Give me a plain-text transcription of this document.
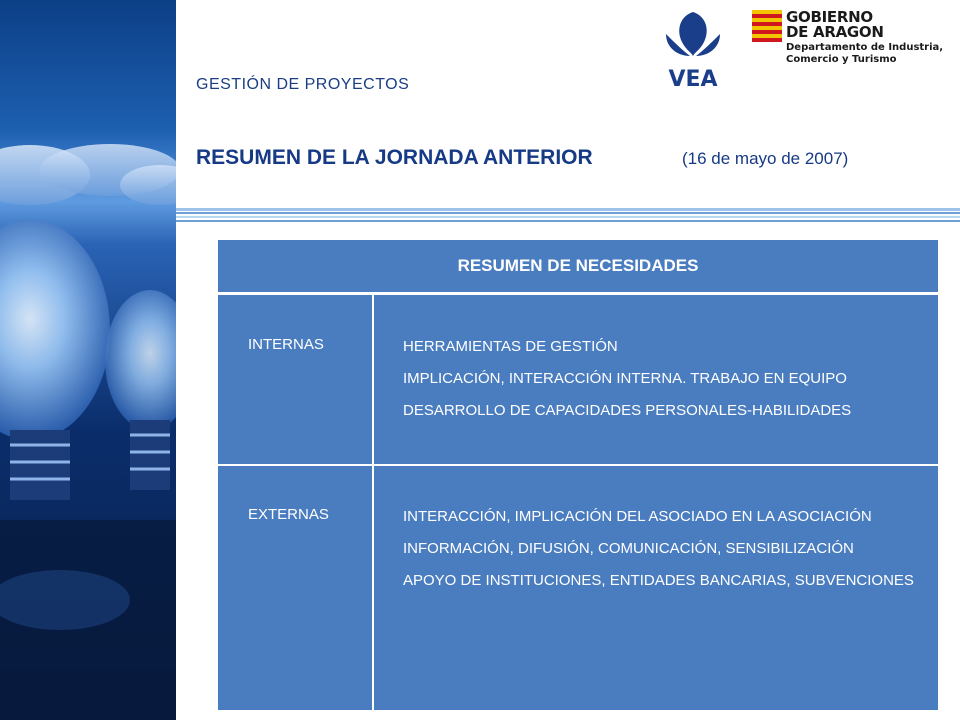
VEA
GOBIERNO
DE ARAGON
Departamento de Industria,
Comercio y Turismo
GESTIÓN DE PROYECTOS
RESUMEN DE LA JORNADA ANTERIOR	(16 de mayo de 2007)
RESUMEN DE NECESIDADES
INTERNAS	HERRAMIENTAS DE GESTIÓN
IMPLICACIÓN, INTERACCIÓN INTERNA. TRABAJO EN EQUIPO
DESARROLLO DE CAPACIDADES PERSONALES-HABILIDADES
EXTERNAS	INTERACCIÓN, IMPLICACIÓN DEL ASOCIADO EN LA ASOCIACIÓN
INFORMACIÓN, DIFUSIÓN, COMUNICACIÓN, SENSIBILIZACIÓN
APOYO DE INSTITUCIONES, ENTIDADES BANCARIAS, SUBVENCIONES
